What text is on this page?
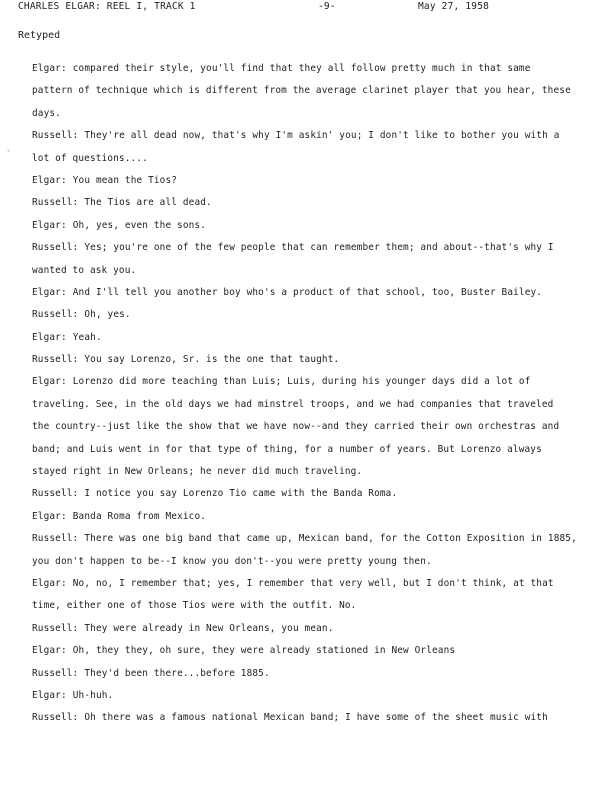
CHARLES ELGAR: REEL I, TRACK 1	-9-	May 27, 1958
Retyped
›
Elgar: compared their style, you'll find that they all follow pretty much in that same
pattern of technique which is different from the average clarinet player that you hear, these
days.
Russell: They're all dead now, that's why I'm askin' you; I don't like to bother you with a
lot of questions....
Elgar: You mean the Tios?
Russell: The Tios are all dead.
Elgar: Oh, yes, even the sons.
Russell: Yes; you're one of the few people that can remember them; and about--that's why I
wanted to ask you.
Elgar: And I'll tell you another boy who's a product of that school, too, Buster Bailey.
Russell: Oh, yes.
Elgar: Yeah.
Russell: You say Lorenzo, Sr. is the one that taught.
Elgar: Lorenzo did more teaching than Luis; Luis, during his younger days did a lot of
traveling. See, in the old days we had minstrel troops, and we had companies that traveled
the country--just like the show that we have now--and they carried their own orchestras and
band; and Luis went in for that type of thing, for a number of years. But Lorenzo always
stayed right in New Orleans; he never did much traveling.
Russell: I notice you say Lorenzo Tio came with the Banda Roma.
Elgar: Banda Roma from Mexico.
Russell: There was one big band that came up, Mexican band, for the Cotton Exposition in 1885,
you don't happen to be--I know you don't--you were pretty young then.
Elgar: No, no, I remember that; yes, I remember that very well, but I don't think, at that
time, either one of those Tios were with the outfit. No.
Russell: They were already in New Orleans, you mean.
Elgar: Oh, they they, oh sure, they were already stationed in New Orleans
Russell: They'd been there...before 1885.
Elgar: Uh-huh.
Russell: Oh there was a famous national Mexican band; I have some of the sheet music with
